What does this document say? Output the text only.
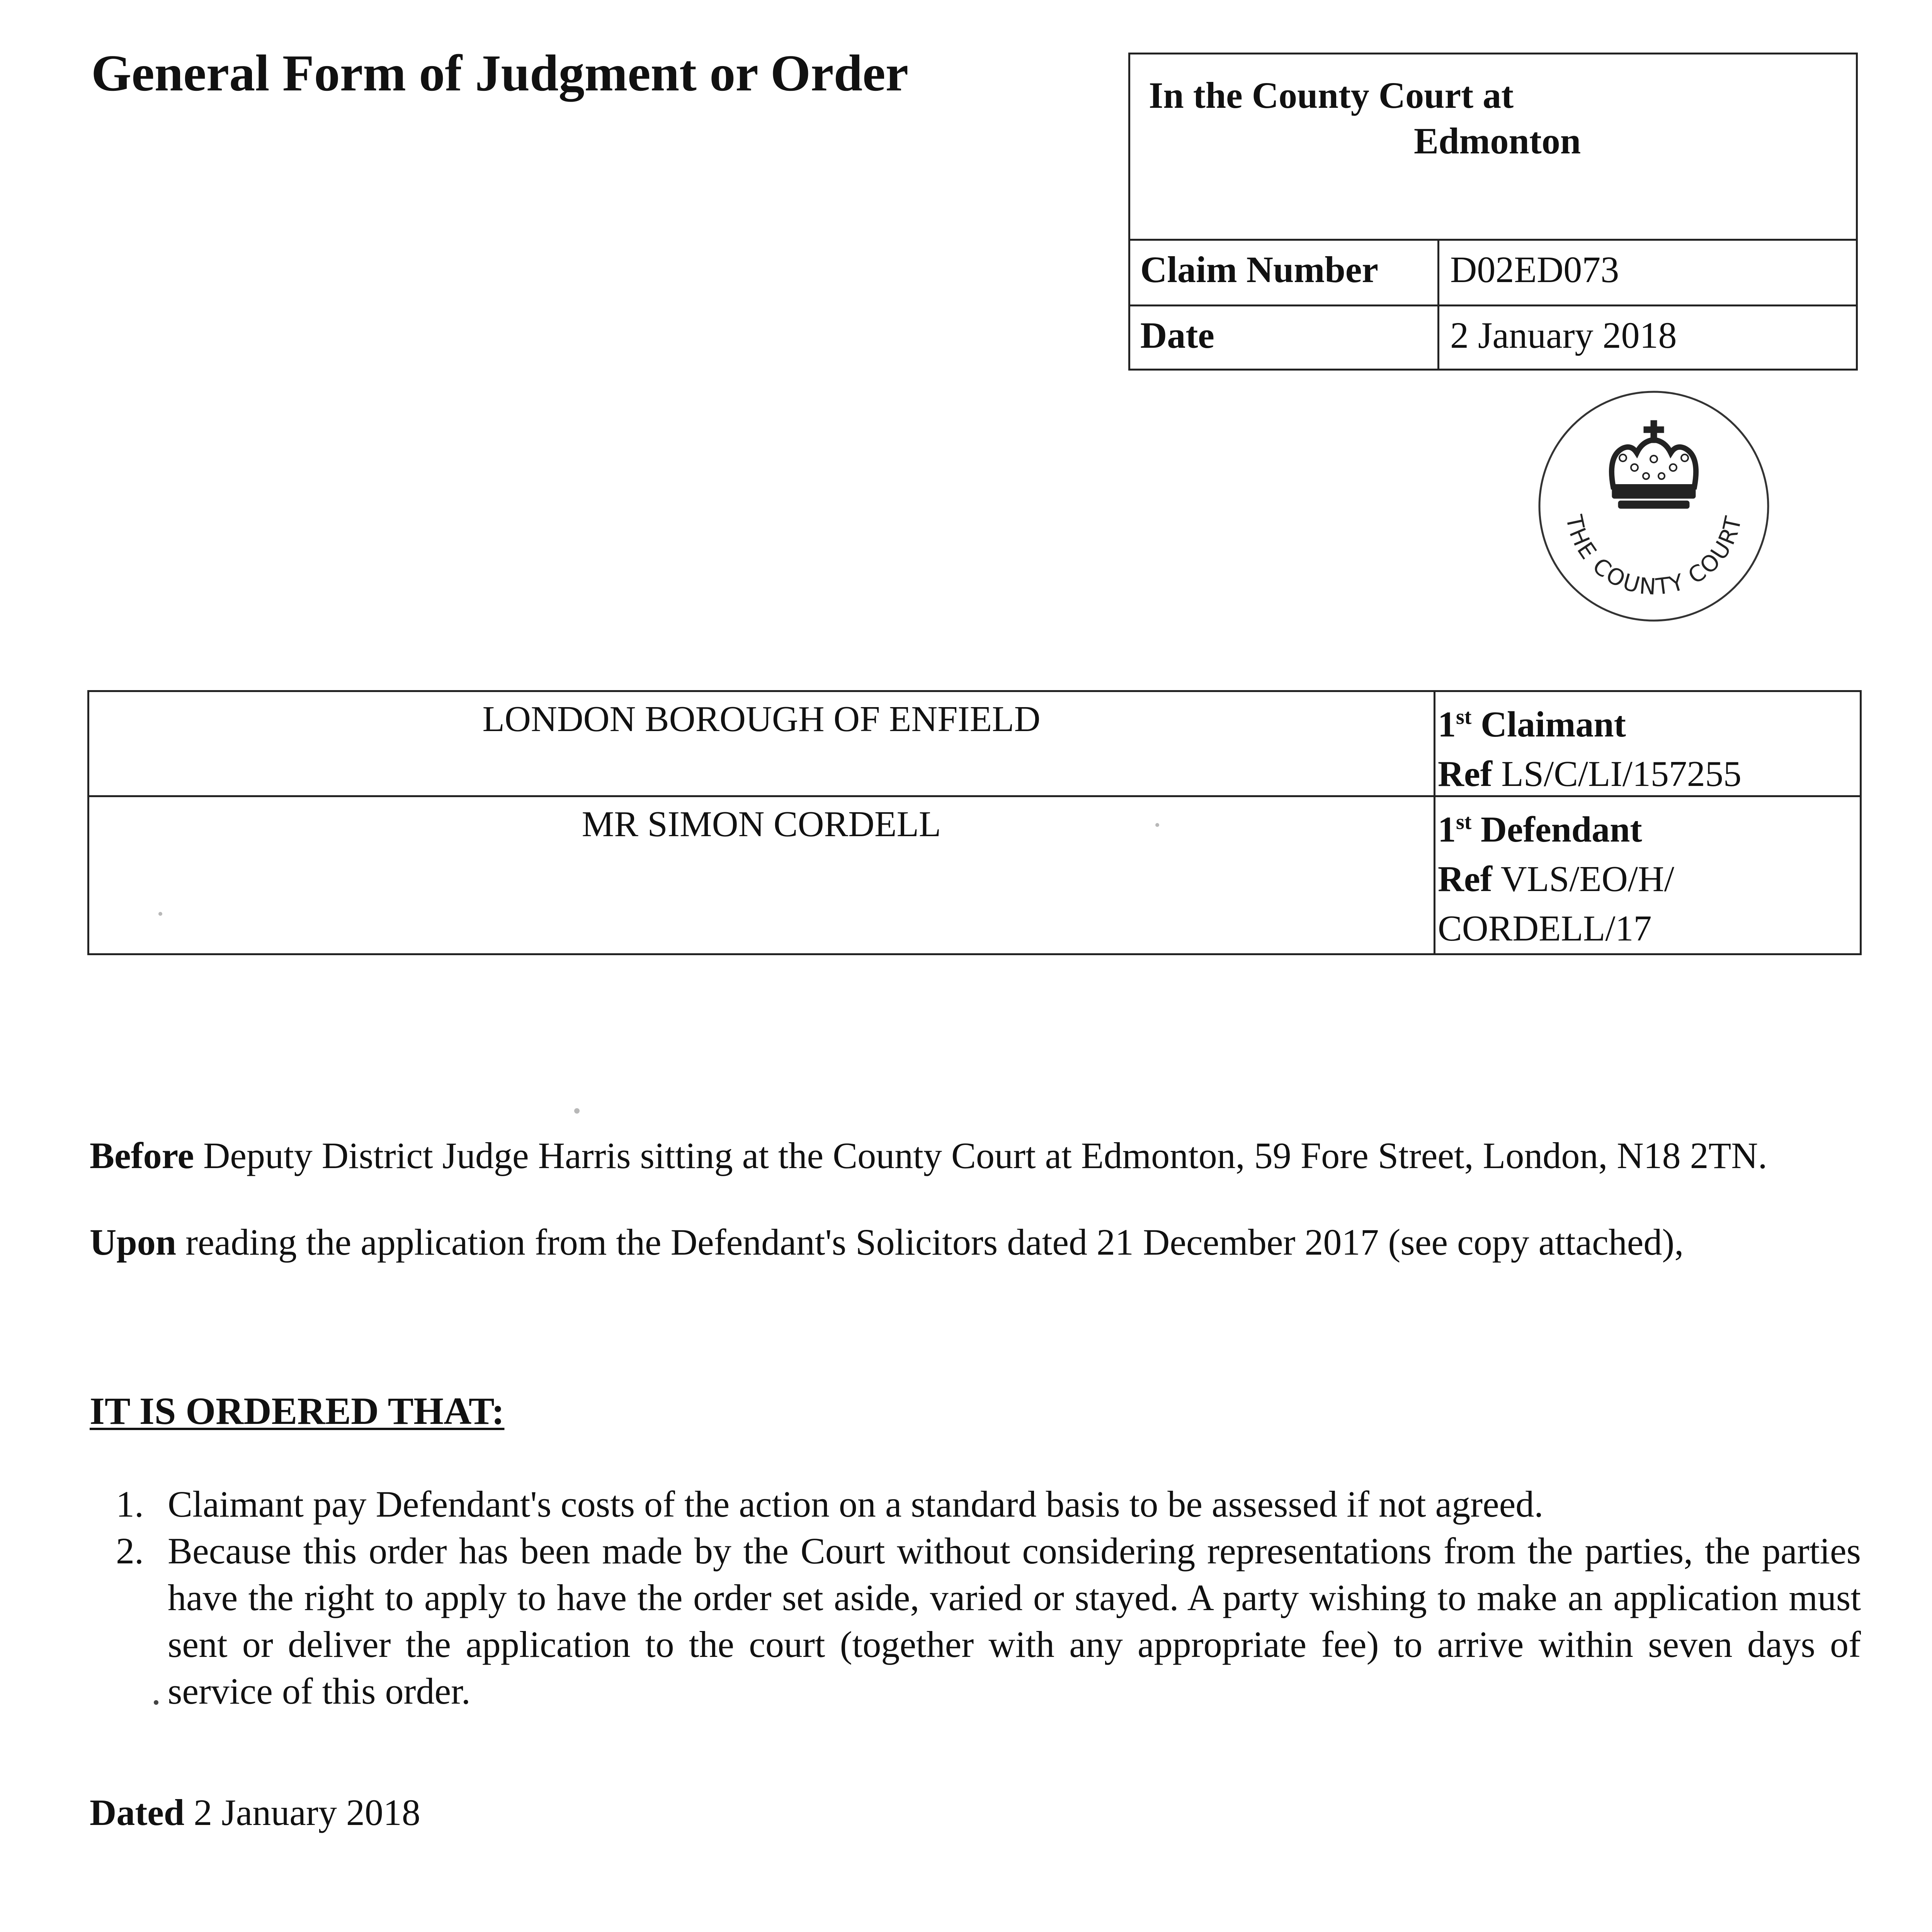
General Form of Judgment or Order	In the County Court at
Edmonton
Claim Number	D02ED073
Date	2 January 2018
THE COUNTY COURT
LONDON BOROUGH OF ENFIELD	1st Claimant
Ref LS/C/LI/157255
MR SIMON CORDELL	1st Defendant
Ref VLS/EO/H/
CORDELL/17
Before Deputy District Judge Harris sitting at the County Court at Edmonton, 59 Fore Street, London, N18 2TN.
Upon reading the application from the Defendant's Solicitors dated 21 December 2017 (see copy attached),
IT IS ORDERED THAT:
1. Claimant pay Defendant's costs of the action on a standard basis to be assessed if not agreed.
2. Because this order has been made by the Court without considering representations from the parties, the parties have the right to apply to have the order set aside, varied or stayed. A party wishing to make an application must sent or deliver the application to the court (together with any appropriate fee) to arrive within seven days of service of this order.
Dated 2 January 2018
